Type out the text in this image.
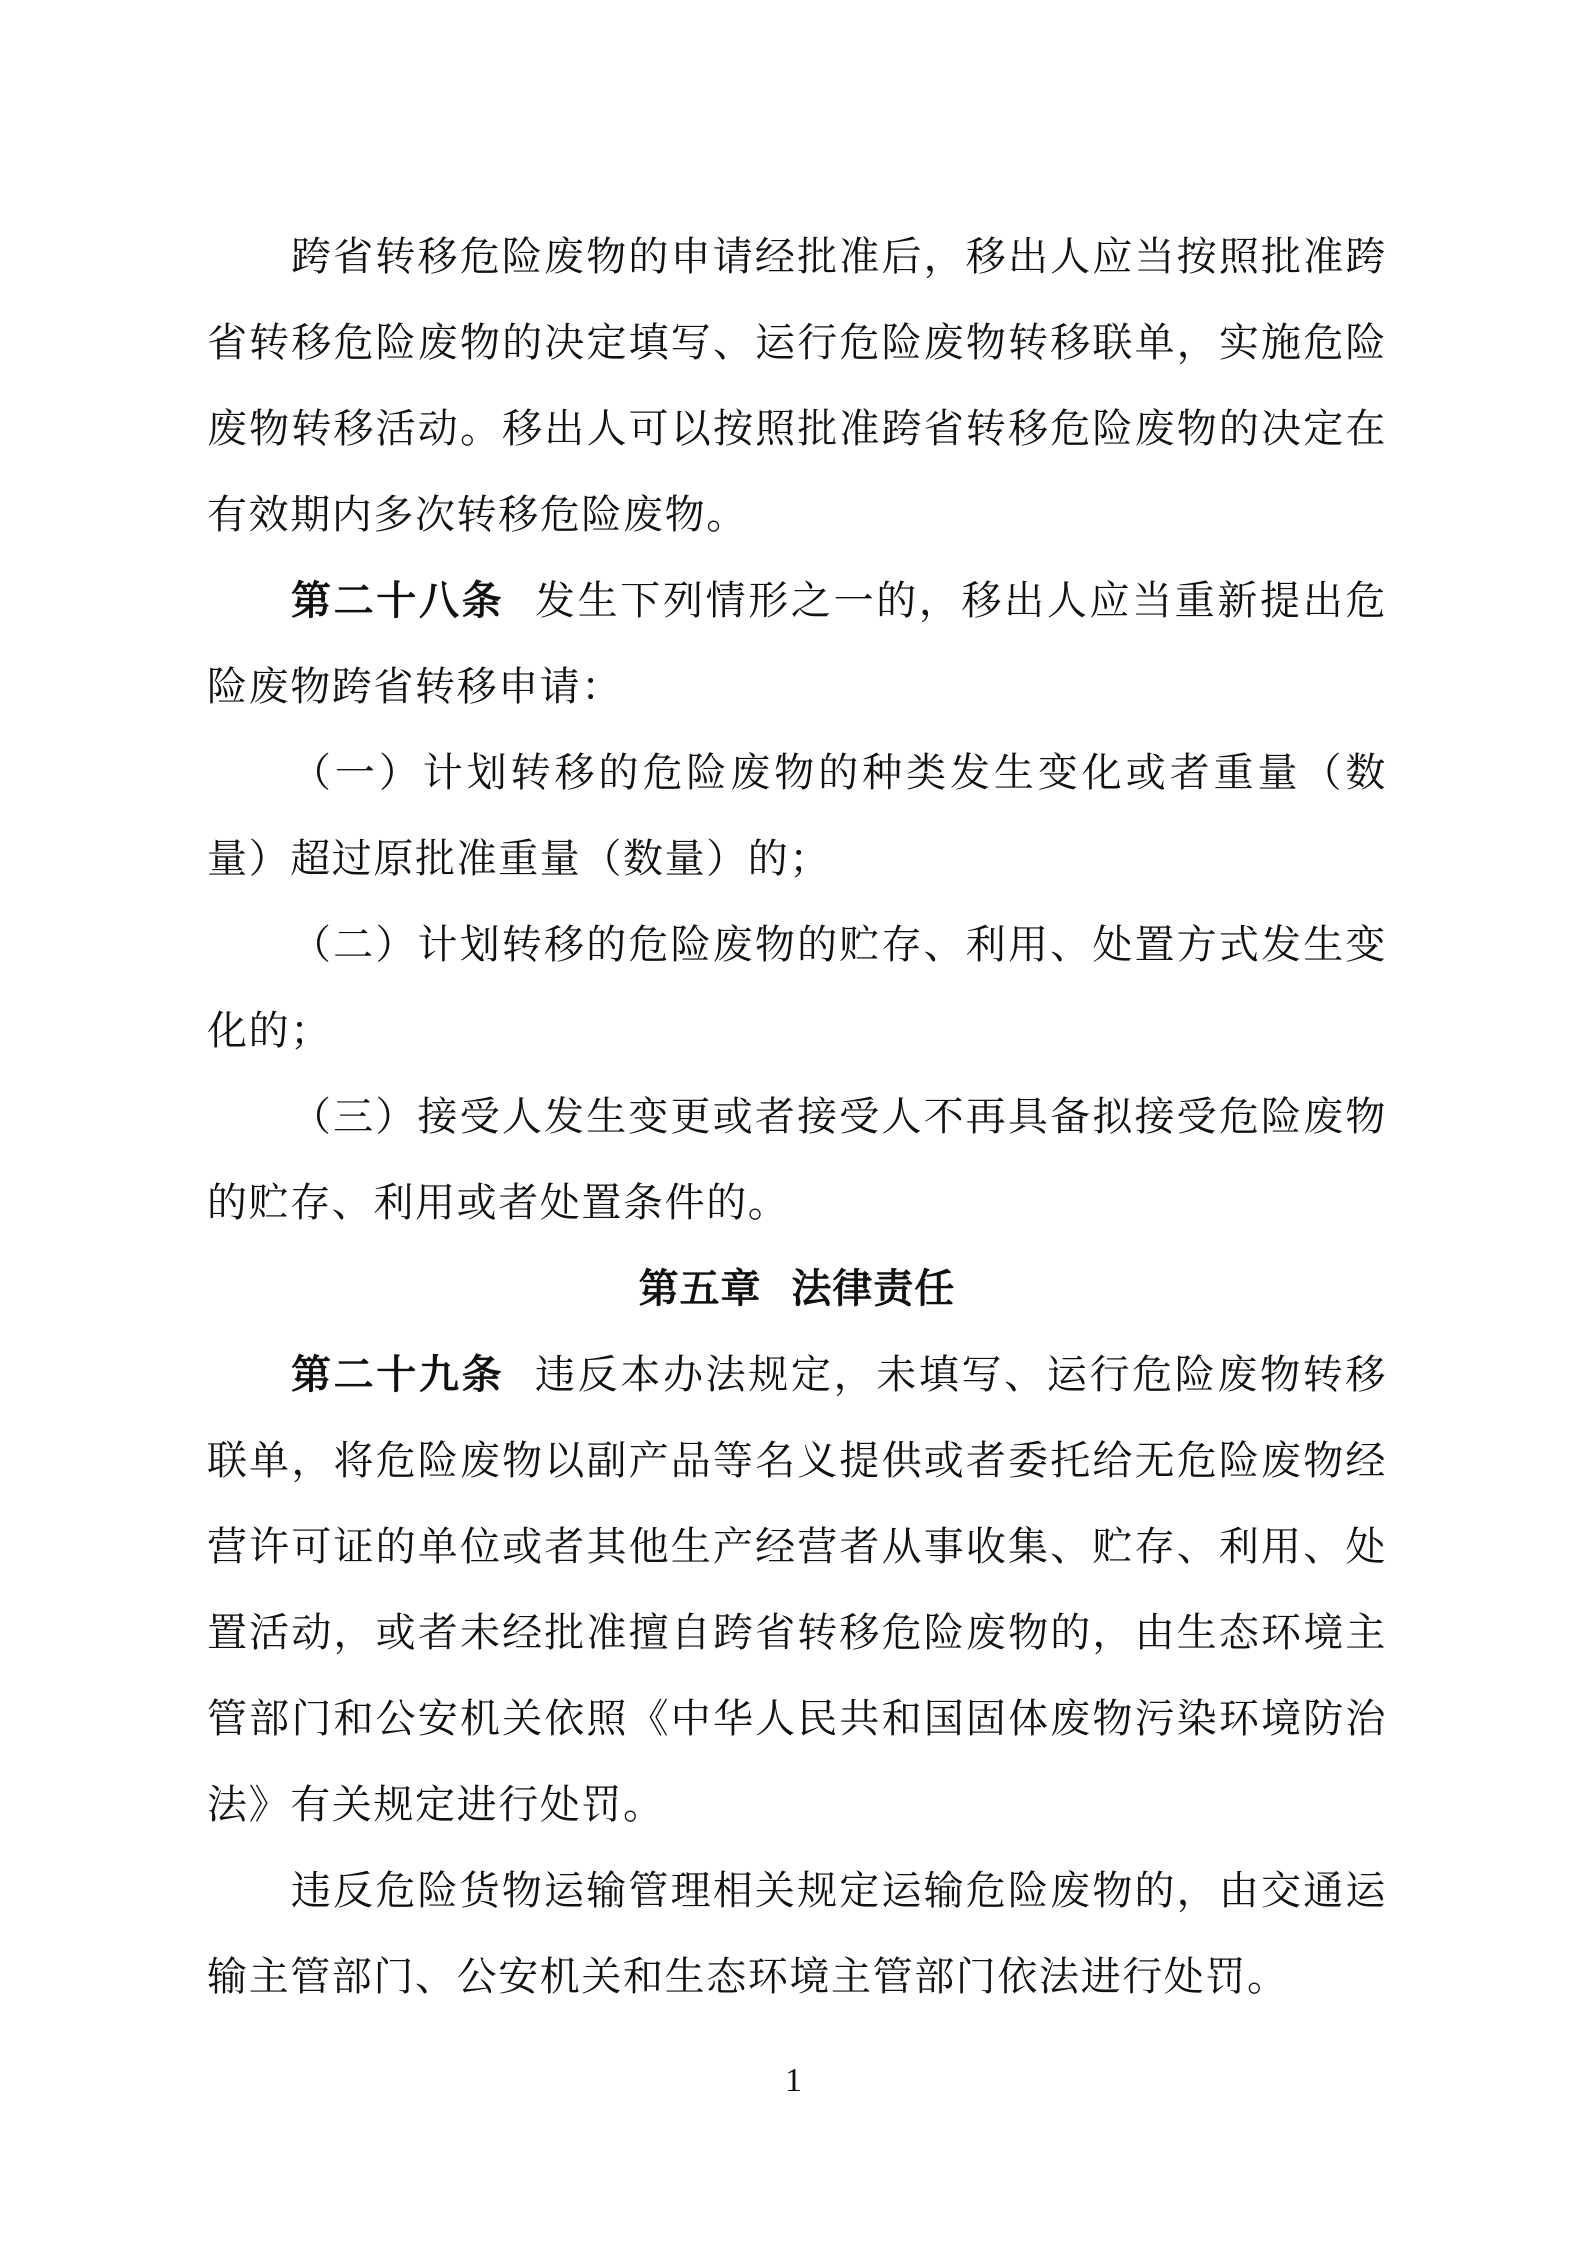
跨省转移危险废物的申请经批准后，移出人应当按照批准跨省转移危险废物的决定填写、运行危险废物转移联单，实施危险废物转移活动。移出人可以按照批准跨省转移危险废物的决定在有效期内多次转移危险废物。

第二十八条 发生下列情形之一的，移出人应当重新提出危险废物跨省转移申请：

（一）计划转移的危险废物的种类发生变化或者重量（数量）超过原批准重量（数量）的；

（二）计划转移的危险废物的贮存、利用、处置方式发生变化的；

（三）接受人发生变更或者接受人不再具备拟接受危险废物的贮存、利用或者处置条件的。

第五章 法律责任

第二十九条 违反本办法规定，未填写、运行危险废物转移联单，将危险废物以副产品等名义提供或者委托给无危险废物经营许可证的单位或者其他生产经营者从事收集、贮存、利用、处置活动，或者未经批准擅自跨省转移危险废物的，由生态环境主管部门和公安机关依照《中华人民共和国固体废物污染环境防治法》有关规定进行处罚。

违反危险货物运输管理相关规定运输危险废物的，由交通运输主管部门、公安机关和生态环境主管部门依法进行处罚。

1
